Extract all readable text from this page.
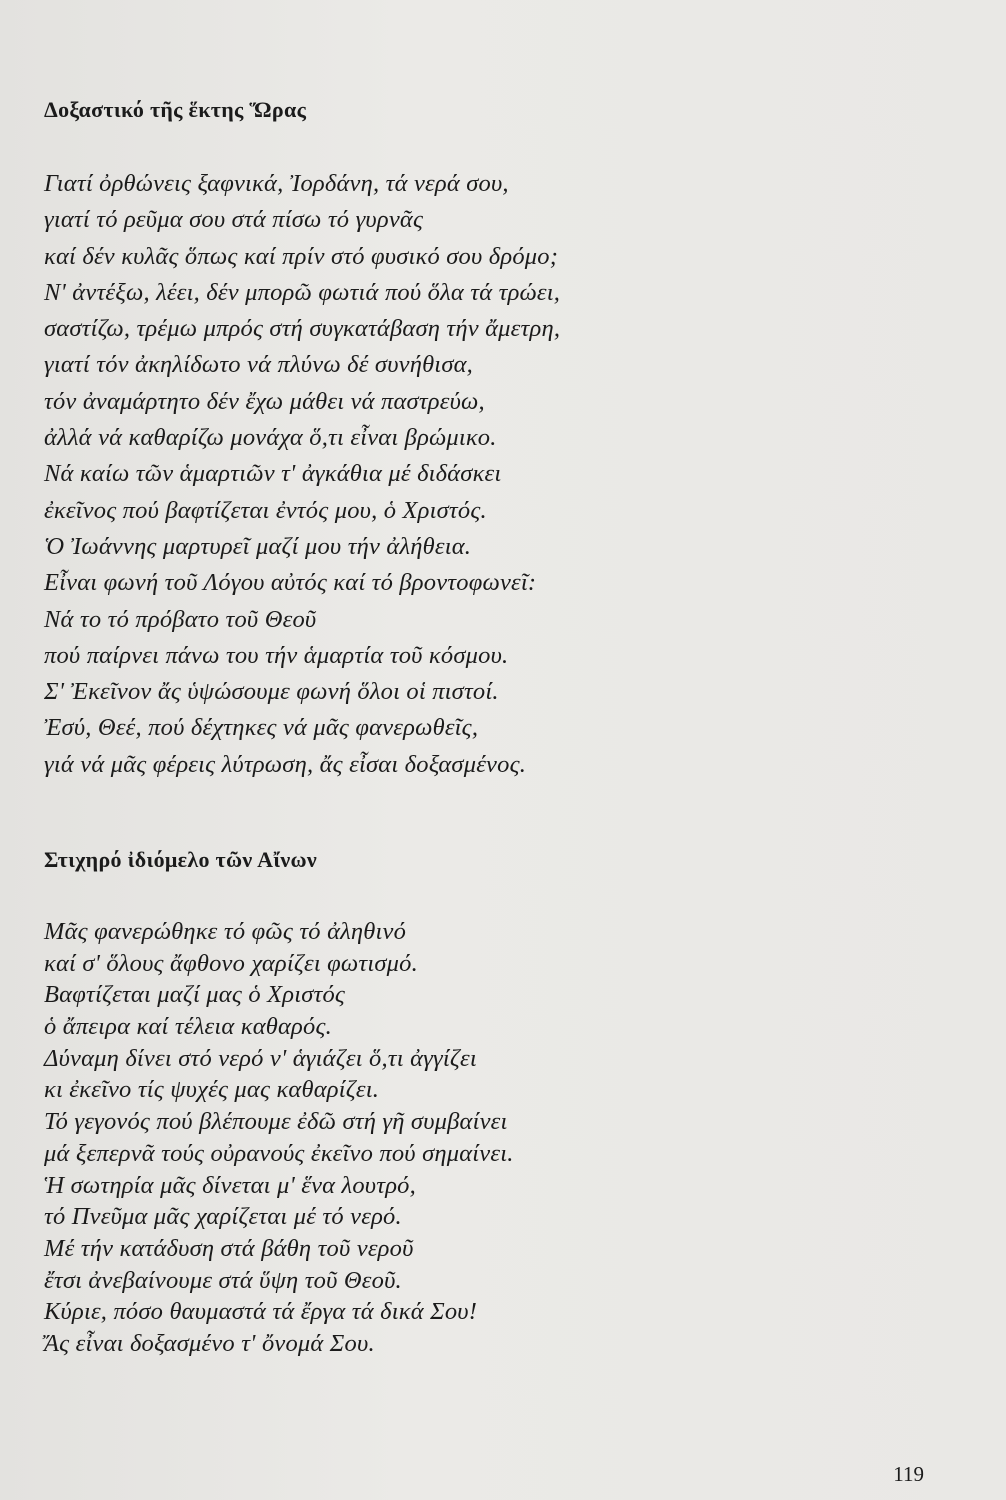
Δοξαστικό τῆς ἕκτης Ὥρας
Γιατί ὀρθώνεις ξαφνικά, Ἰορδάνη, τά νερά σου,
γιατί τό ρεῦμα σου στά πίσω τό γυρνᾶς
καί δέν κυλᾶς ὅπως καί πρίν στό φυσικό σου δρόμο;
Ν' ἀντέξω, λέει, δέν μπορῶ φωτιά πού ὅλα τά τρώει,
σαστίζω, τρέμω μπρός στή συγκατάβαση τήν ἄμετρη,
γιατί τόν ἀκηλίδωτο νά πλύνω δέ συνήθισα,
τόν ἀναμάρτητο δέν ἔχω μάθει νά παστρεύω,
ἀλλά νά καθαρίζω μονάχα ὅ,τι εἶναι βρώμικο.
Νά καίω τῶν ἁμαρτιῶν τ' ἀγκάθια μέ διδάσκει
ἐκεῖνος πού βαφτίζεται ἐντός μου, ὁ Χριστός.
Ὁ Ἰωάννης μαρτυρεῖ μαζί μου τήν ἀλήθεια.
Εἶναι φωνή τοῦ Λόγου αὐτός καί τό βροντοφωνεῖ:
Νά το τό πρόβατο τοῦ Θεοῦ
πού παίρνει πάνω του τήν ἁμαρτία τοῦ κόσμου.
Σ' Ἐκεῖνον ἄς ὑψώσουμε φωνή ὅλοι οἱ πιστοί.
Ἐσύ, Θεέ, πού δέχτηκες νά μᾶς φανερωθεῖς,
γιά νά μᾶς φέρεις λύτρωση, ἄς εἶσαι δοξασμένος.
Στιχηρό ἰδιόμελο τῶν Αἴνων
Μᾶς φανερώθηκε τό φῶς τό ἀληθινό
καί σ' ὅλους ἄφθονο χαρίζει φωτισμό.
Βαφτίζεται μαζί μας ὁ Χριστός
ὁ ἄπειρα καί τέλεια καθαρός.
Δύναμη δίνει στό νερό ν' ἁγιάζει ὅ,τι ἀγγίζει
κι ἐκεῖνο τίς ψυχές μας καθαρίζει.
Τό γεγονός πού βλέπουμε ἐδῶ στή γῆ συμβαίνει
μά ξεπερνᾶ τούς οὐρανούς ἐκεῖνο πού σημαίνει.
Ἡ σωτηρία μᾶς δίνεται μ' ἕνα λουτρό,
τό Πνεῦμα μᾶς χαρίζεται μέ τό νερό.
Μέ τήν κατάδυση στά βάθη τοῦ νεροῦ
ἔτσι ἀνεβαίνουμε στά ὕψη τοῦ Θεοῦ.
Κύριε, πόσο θαυμαστά τά ἔργα τά δικά Σου!
Ἄς εἶναι δοξασμένο τ' ὄνομά Σου.
119
